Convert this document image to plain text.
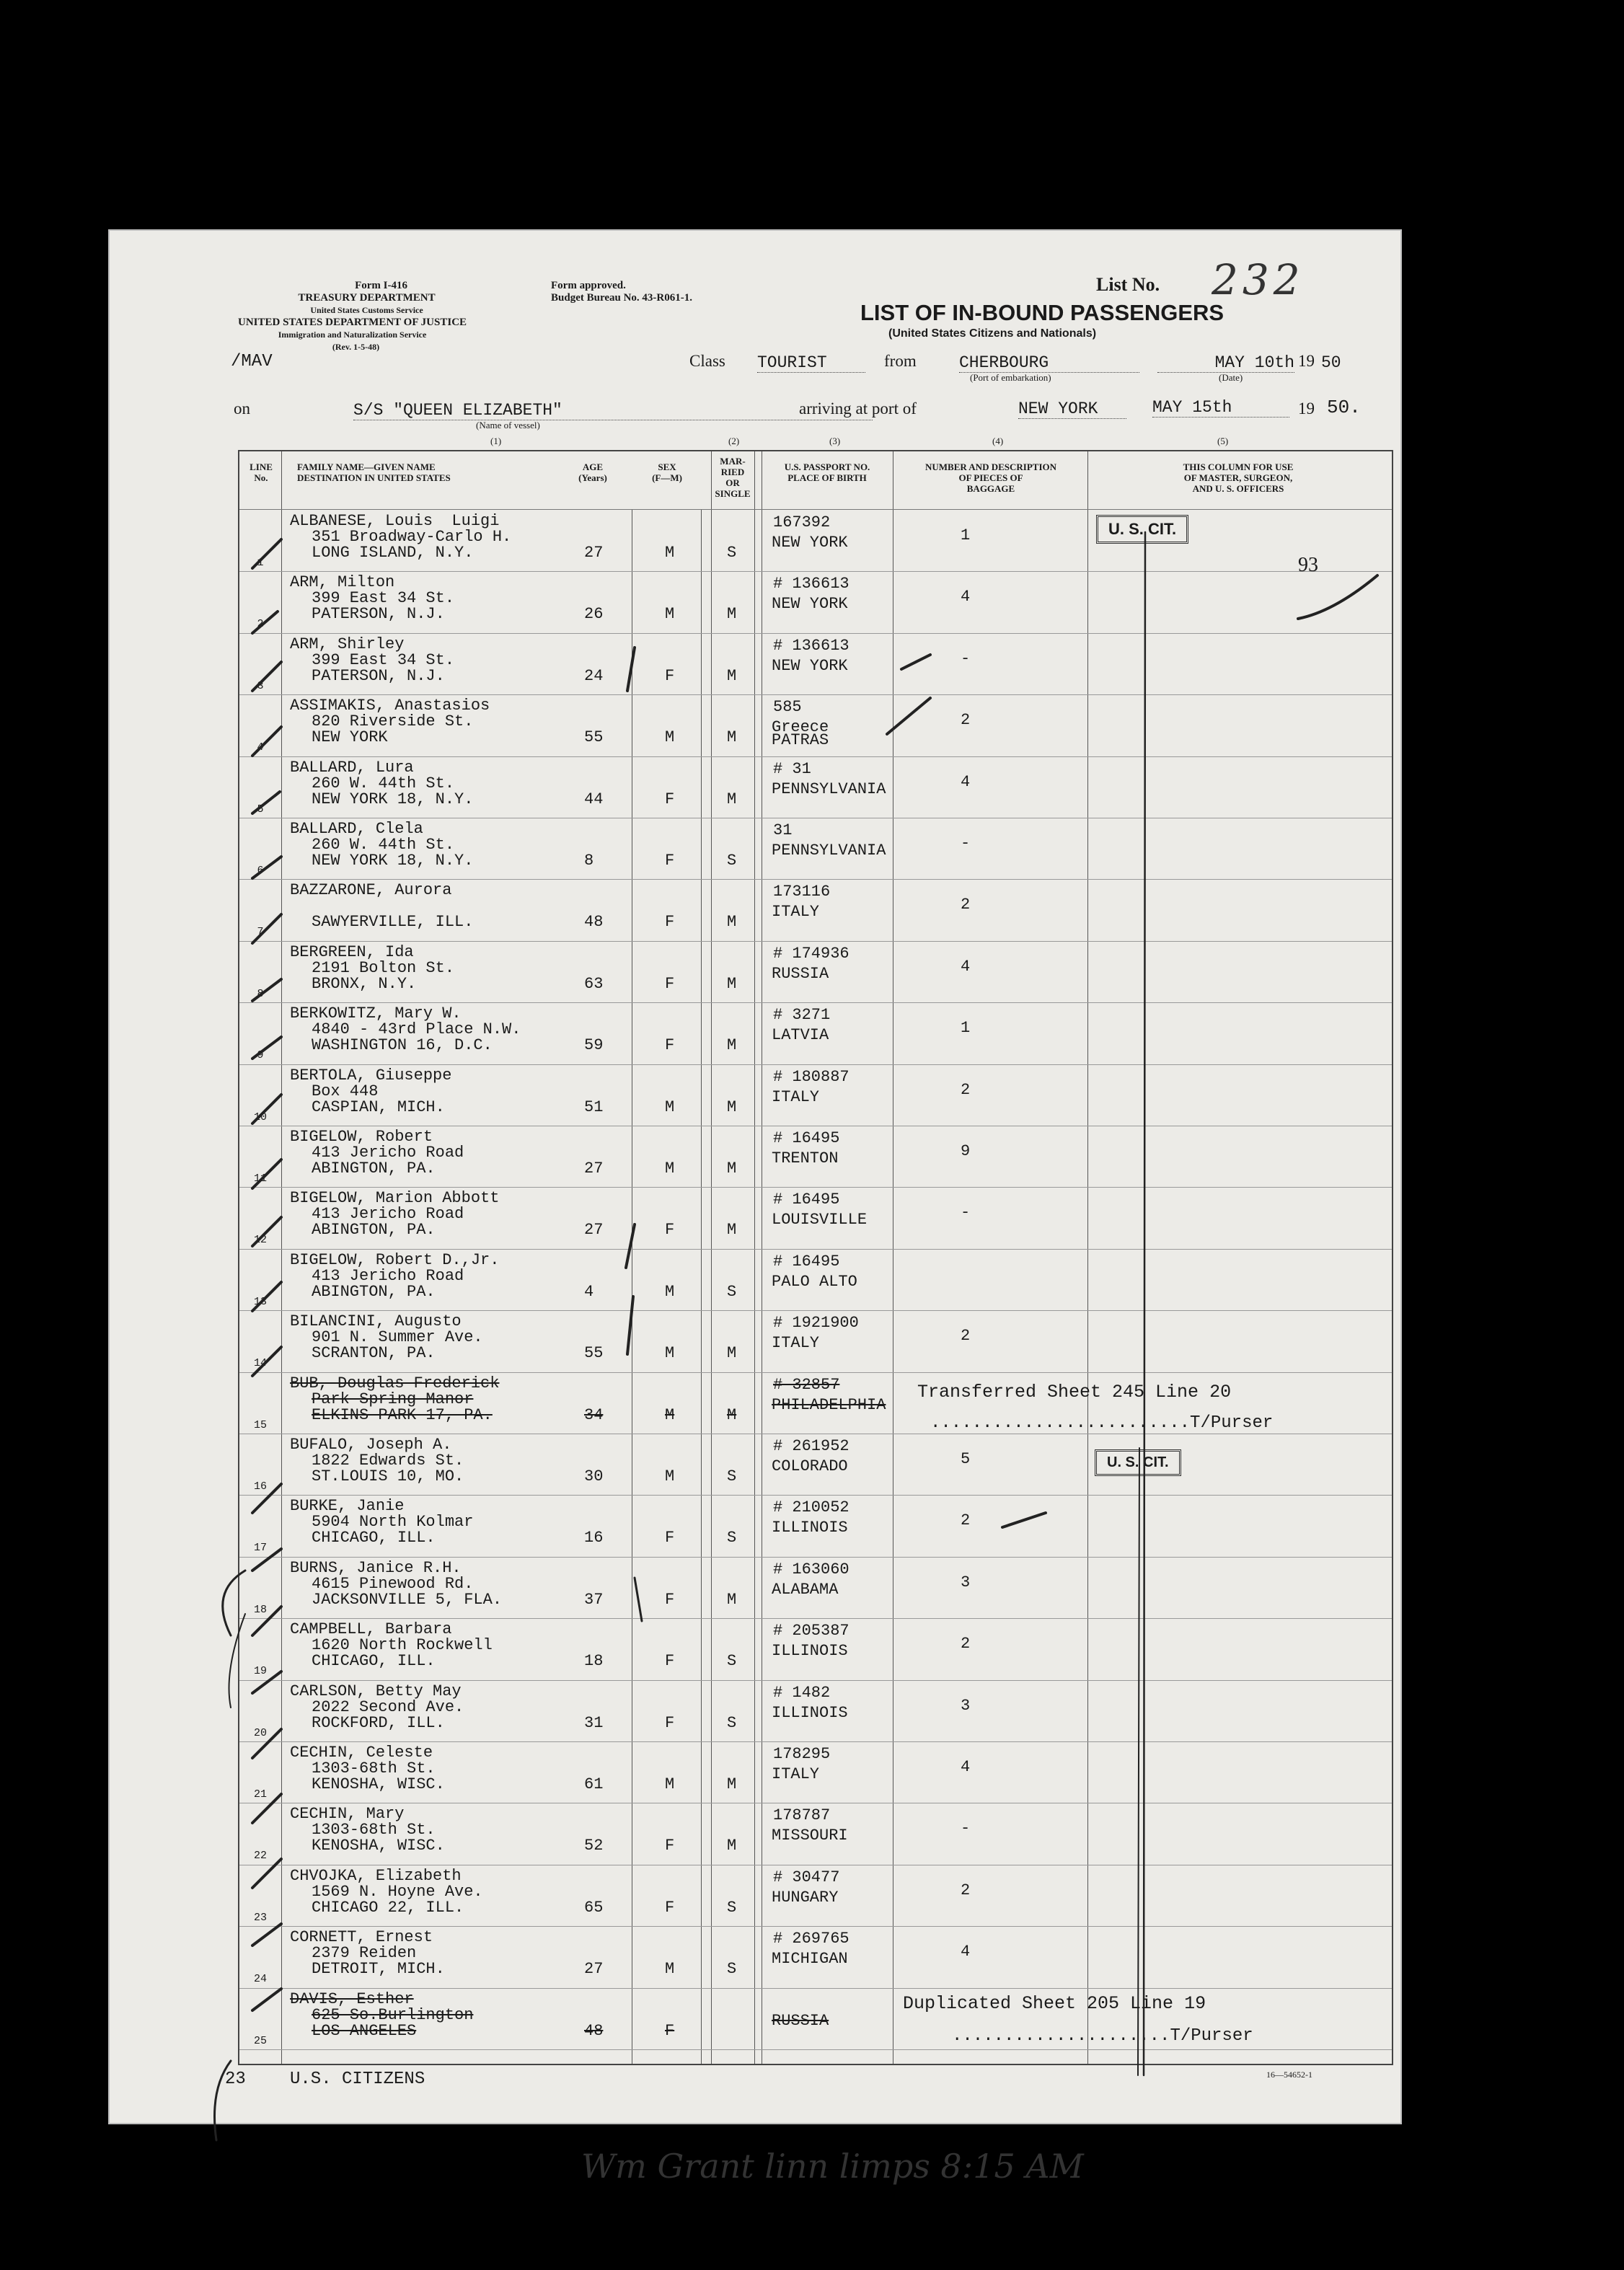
Form I-416
TREASURY DEPARTMENT
United States Customs Service
UNITED STATES DEPARTMENT OF JUSTICE
Immigration and Naturalization Service
(Rev. 1-5-48)
Form approved.
Budget Bureau No. 43-R061-1.
/MAV
List No. 232
LIST OF IN-BOUND PASSENGERS
(United States Citizens and Nationals)
Class TOURIST	from	CHERBOURG
(Port of embarkation)
MAY 10th 19 50
(Date)
on	S/S "QUEEN ELIZABETH"
(Name of vessel)
arriving at port of	NEW YORK	MAY 15th	19 50.
(1)	(2)	(3)	(4)	(5)
LINE No.
FAMILY NAME—GIVEN NAME
DESTINATION IN UNITED STATES
AGE
(Years)
SEX
(F—M)
MAR-
RIED
OR
SINGLE
U.S. PASSPORT NO.
PLACE OF BIRTH
NUMBER AND DESCRIPTION
OF PIECES OF
BAGGAGE
THIS COLUMN FOR USE
OF MASTER, SURGEON,
AND U. S. OFFICERS
1
ALBANESE, Louis  Luigi
351 Broadway-Carlo H.
LONG ISLAND, N.Y.	27	M	S
167392
NEW YORK	1
2
ARM, Milton
399 East 34 St.
PATERSON, N.J.	26	M	M
# 136613
NEW YORK	4
3
ARM, Shirley
399 East 34 St.
PATERSON, N.J.	24	F	M
# 136613
NEW YORK	-
4
ASSIMAKIS, Anastasios
820 Riverside St.
NEW YORK	55	M	M
585
Greece
PATRAS
2
5
BALLARD, Lura
260 W. 44th St.
NEW YORK 18, N.Y.	44	F	M
# 31
PENNSYLVANIA	4
6
BALLARD, Clela
260 W. 44th St.
NEW YORK 18, N.Y.	8	F	S
31
PENNSYLVANIA	-
7
BAZZARONE, Aurora
SAWYERVILLE, ILL.	48	F	M
173116
ITALY	2
8
BERGREEN, Ida
2191 Bolton St.
BRONX, N.Y.	63	F	M
# 174936
RUSSIA	4
9
BERKOWITZ, Mary W.
4840 - 43rd Place N.W.
WASHINGTON 16, D.C.	59	F	M
# 3271
LATVIA	1
10
BERTOLA, Giuseppe
Box 448
CASPIAN, MICH.	51	M	M
# 180887
ITALY	2
11
BIGELOW, Robert
413 Jericho Road
ABINGTON, PA.	27	M	M
# 16495
TRENTON	9
12
BIGELOW, Marion Abbott
413 Jericho Road
ABINGTON, PA.	27	F	M
# 16495
LOUISVILLE	-
13
BIGELOW, Robert D.,Jr.
413 Jericho Road
ABINGTON, PA.	4	M	S
# 16495
PALO ALTO
14
BILANCINI, Augusto
901 N. Summer Ave.
SCRANTON, PA.	55	M	M
# 1921900
ITALY	2
15
BUB, Douglas Frederick
Park Spring Manor
ELKINS PARK 17, PA.	34	M	M
# 32857
PHILADELPHIA
16
BUFALO, Joseph A.
1822 Edwards St.
ST.LOUIS 10, MO.	30	M	S
# 261952
COLORADO	5
17
BURKE, Janie
5904 North Kolmar
CHICAGO, ILL.	16	F	S
# 210052
ILLINOIS	2
18
BURNS, Janice R.H.
4615 Pinewood Rd.
JACKSONVILLE 5, FLA.	37	F	M
# 163060
ALABAMA	3
19
CAMPBELL, Barbara
1620 North Rockwell
CHICAGO, ILL.	18	F	S
# 205387
ILLINOIS	2
20
CARLSON, Betty May
2022 Second Ave.
ROCKFORD, ILL.	31	F	S
# 1482
ILLINOIS	3
21
CECHIN, Celeste
1303-68th St.
KENOSHA, WISC.	61	M	M
178295
ITALY	4
22
CECHIN, Mary
1303-68th St.
KENOSHA, WISC.	52	F	M
178787
MISSOURI	-
23
CHVOJKA, Elizabeth
1569 N. Hoyne Ave.
CHICAGO 22, ILL.	65	F	S
# 30477
HUNGARY	2
24
CORNETT, Ernest
2379 Reiden
DETROIT, MICH.	27	M	S
# 269765
MICHIGAN	4
25
DAVIS, Esther
625 So.Burlington
LOS ANGELES	48	F
RUSSIA
U. S. CIT.
93
Transferred Sheet 245 Line 20
.........................T/Purser
U. S. CIT.
Duplicated Sheet 205 Line 19
.....................T/Purser
Wm Grant linn limps 8:15 AM
23	U.S. CITIZENS	16—54652-1
